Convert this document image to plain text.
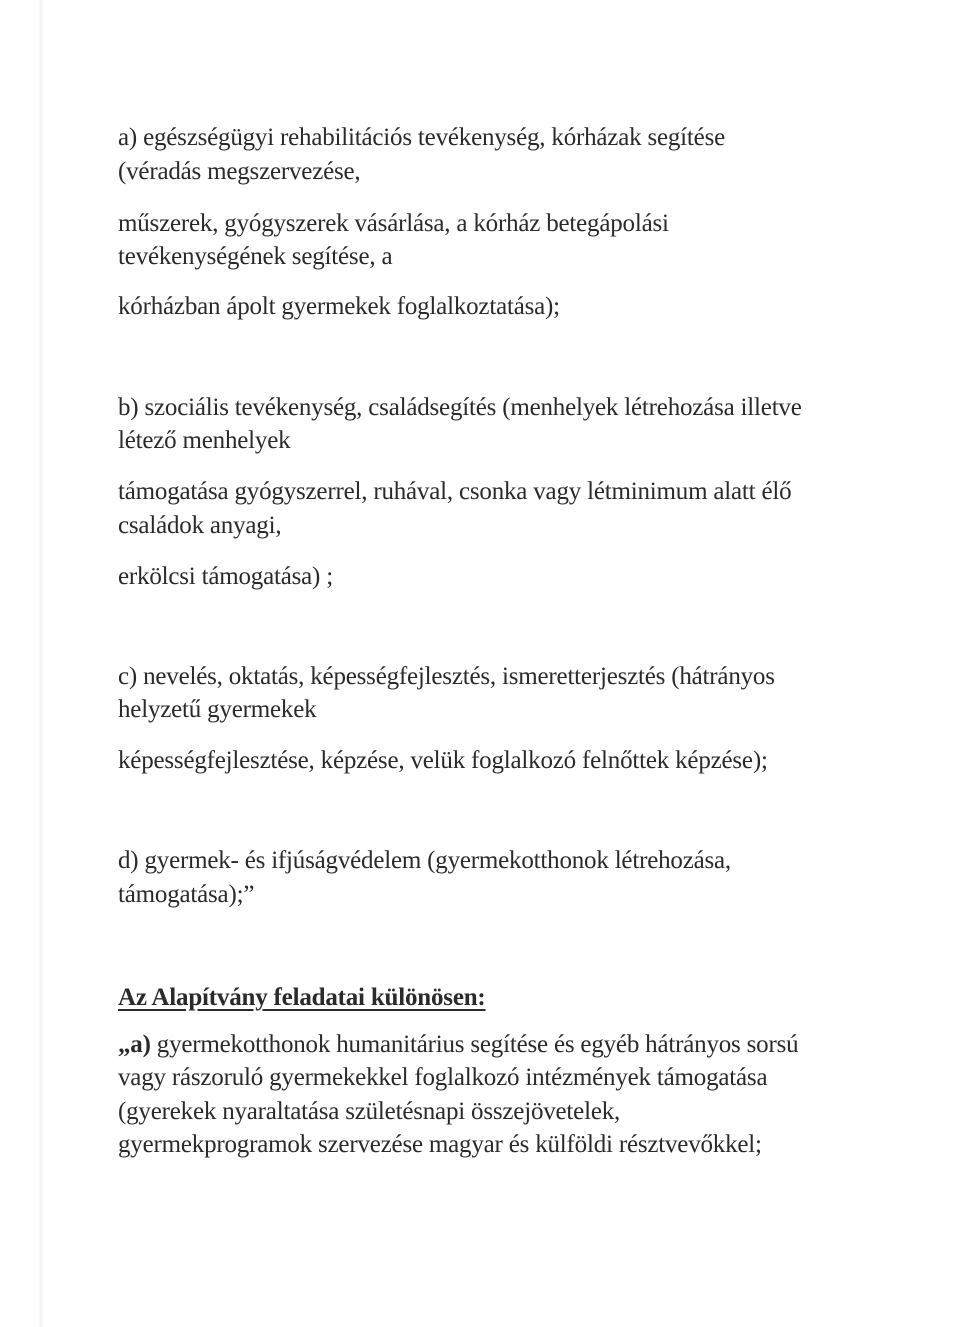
a) egészségügyi rehabilitációs tevékenység, kórházak segítése
(véradás megszervezése,
műszerek, gyógyszerek vásárlása, a kórház betegápolási
tevékenységének segítése, a
kórházban ápolt gyermekek foglalkoztatása);
b) szociális tevékenység, családsegítés (menhelyek létrehozása illetve
létező menhelyek
támogatása gyógyszerrel, ruhával, csonka vagy létminimum alatt élő
családok anyagi,
erkölcsi támogatása) ;
c) nevelés, oktatás, képességfejlesztés, ismeretterjesztés (hátrányos
helyzetű gyermekek
képességfejlesztése, képzése, velük foglalkozó felnőttek képzése);
d) gyermek- és ifjúságvédelem (gyermekotthonok létrehozása,
támogatása);”
Az Alapítvány feladatai különösen:
„a) gyermekotthonok humanitárius segítése és egyéb hátrányos sorsú
vagy rászoruló gyermekekkel foglalkozó intézmények támogatása
(gyerekek nyaraltatása születésnapi összejövetelek,
gyermekprogramok szervezése magyar és külföldi résztvevőkkel;
